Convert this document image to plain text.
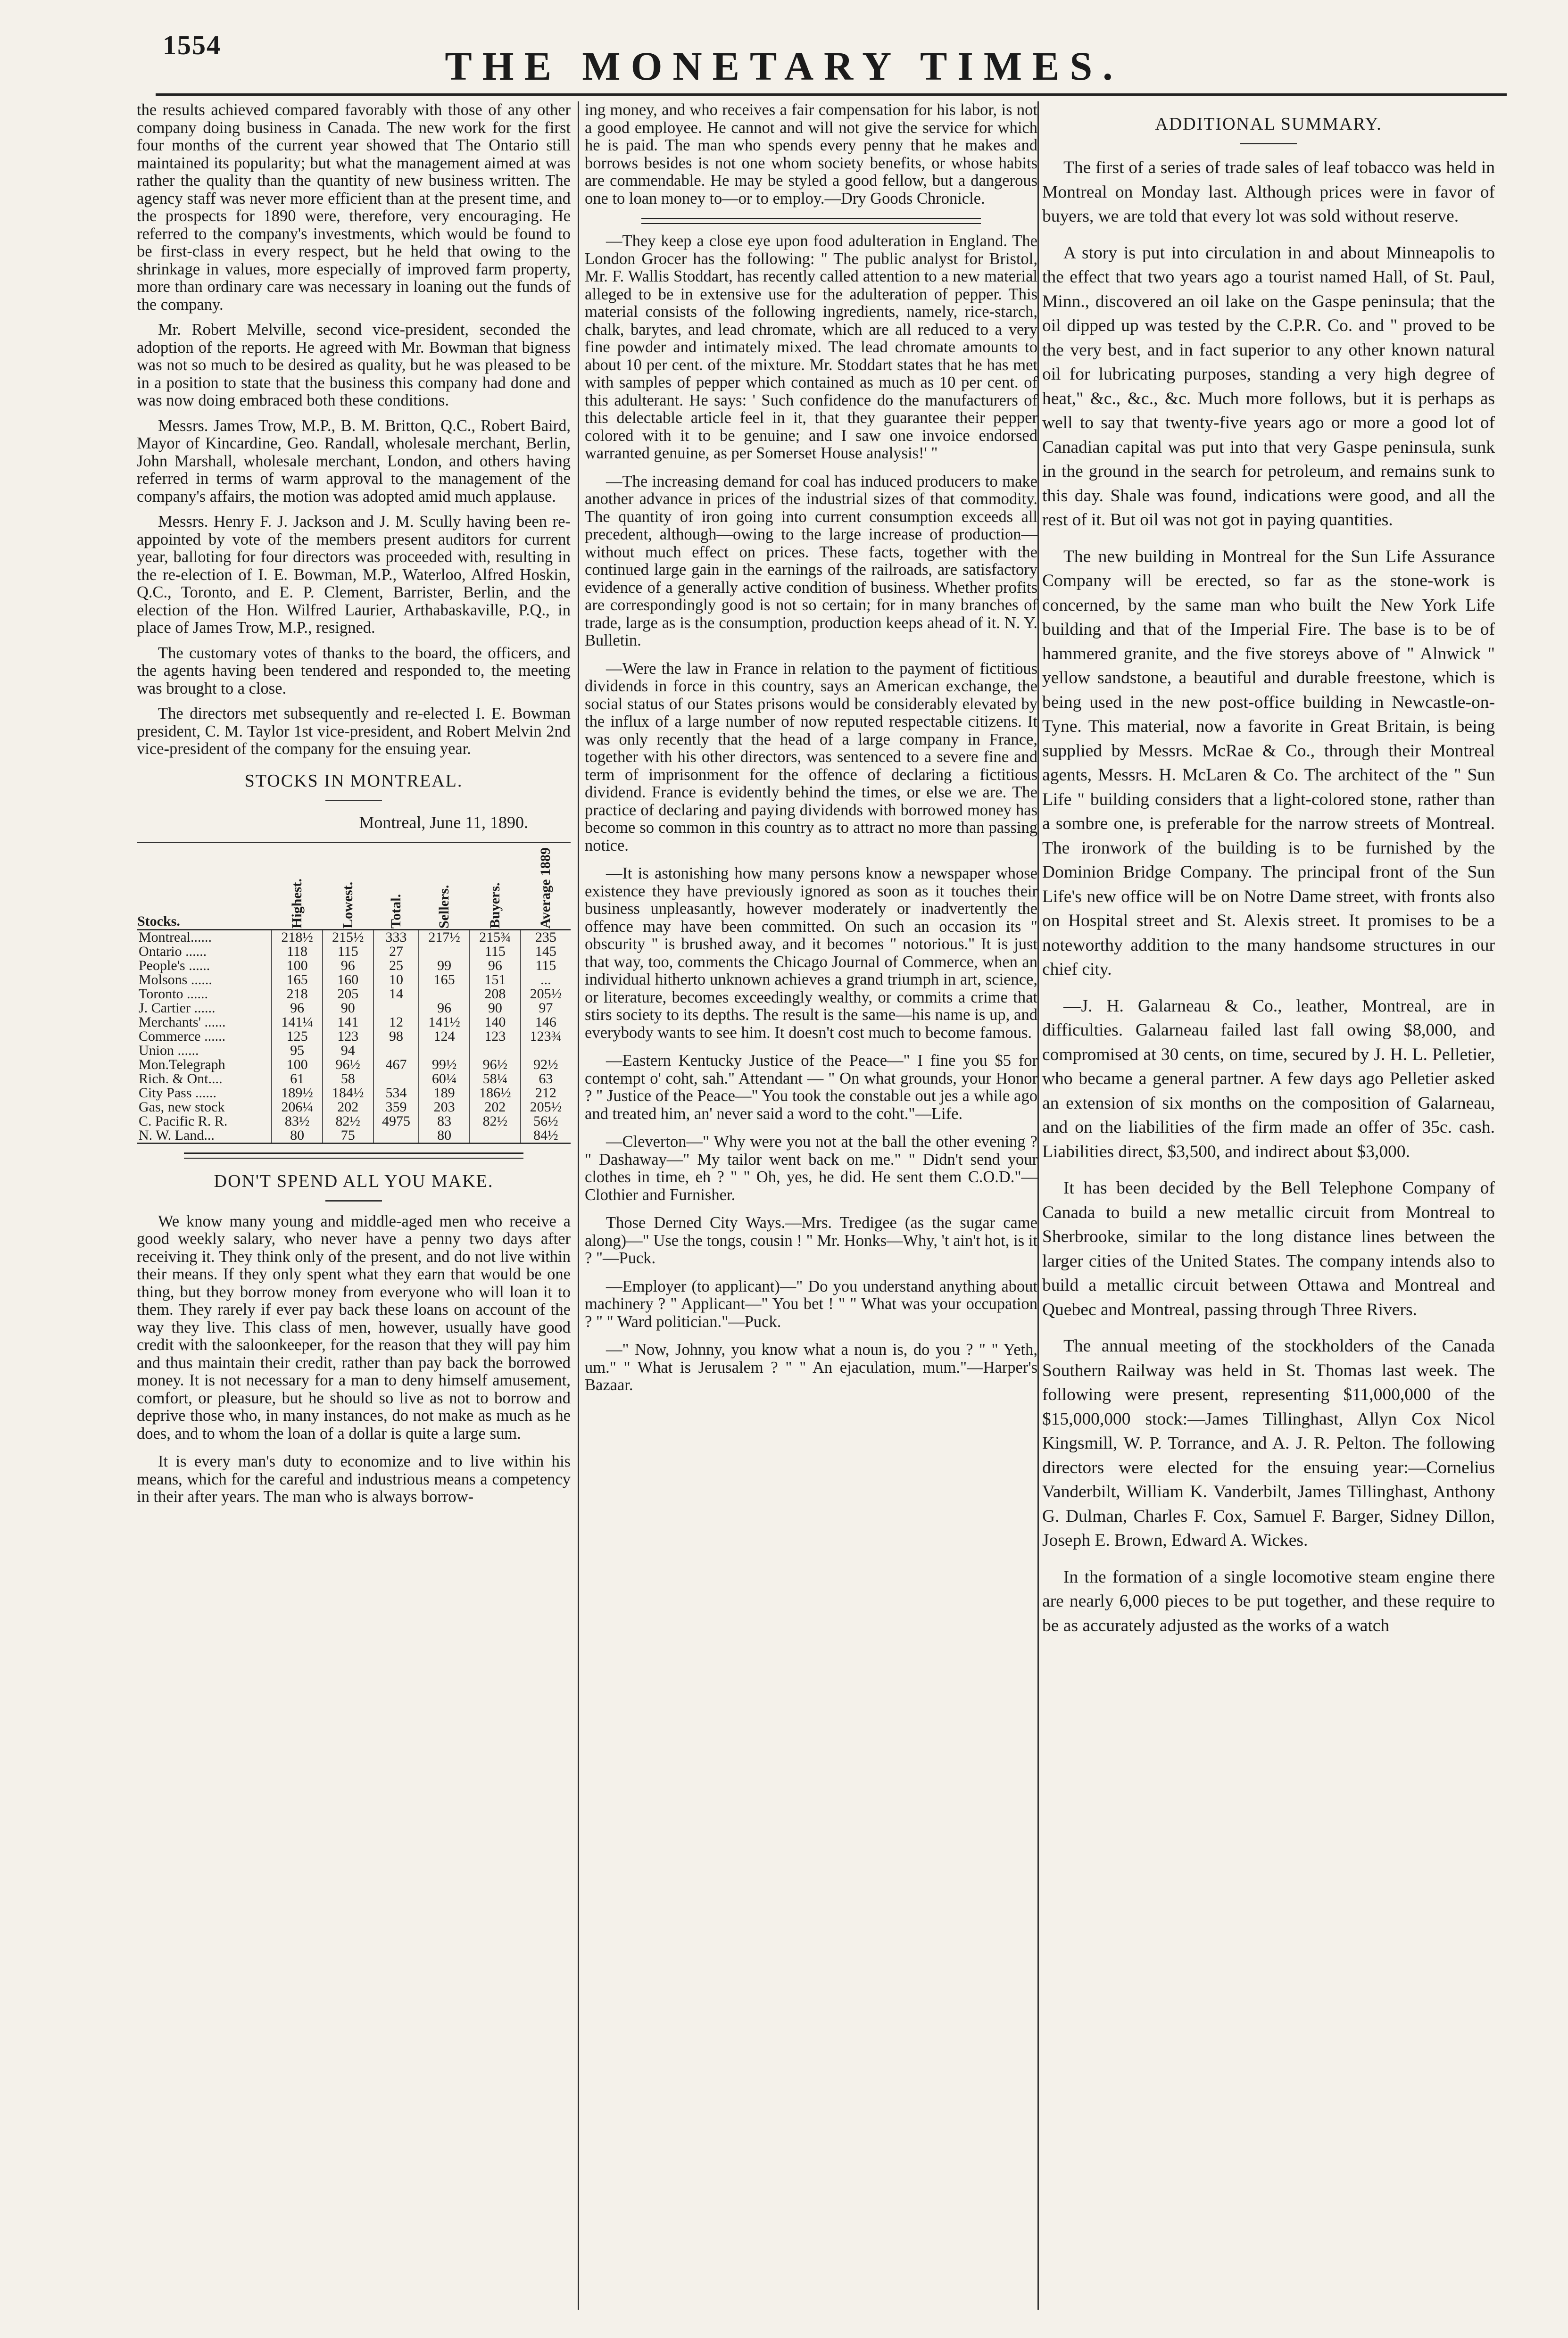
1554	THE MONETARY TIMES.

the results achieved compared favorably with those of any other company doing business in Canada. The new work for the first four months of the current year showed that The Ontario still maintained its popularity; but what the management aimed at was rather the quality than the quantity of new business written. The agency staff was never more efficient than at the present time, and the prospects for 1890 were, therefore, very encouraging. He referred to the company's investments, which would be found to be first-class in every respect, but he held that owing to the shrinkage in values, more especially of improved farm property, more than ordinary care was necessary in loaning out the funds of the company.

Mr. Robert Melville, second vice-president, seconded the adoption of the reports. He agreed with Mr. Bowman that bigness was not so much to be desired as quality, but he was pleased to be in a position to state that the business this company had done and was now doing embraced both these conditions.

Messrs. James Trow, M.P., B. M. Britton, Q.C., Robert Baird, Mayor of Kincardine, Geo. Randall, wholesale merchant, Berlin, John Marshall, wholesale merchant, London, and others having referred in terms of warm approval to the management of the company's affairs, the motion was adopted amid much applause.

Messrs. Henry F. J. Jackson and J. M. Scully having been re-appointed by vote of the members present auditors for current year, balloting for four directors was proceeded with, resulting in the re-election of I. E. Bowman, M.P., Waterloo, Alfred Hoskin, Q.C., Toronto, and E. P. Clement, Barrister, Berlin, and the election of the Hon. Wilfred Laurier, Arthabaskaville, P.Q., in place of James Trow, M.P., resigned.

The customary votes of thanks to the board, the officers, and the agents having been tendered and responded to, the meeting was brought to a close.

The directors met subsequently and re-elected I. E. Bowman president, C. M. Taylor 1st vice-president, and Robert Melvin 2nd vice-president of the company for the ensuing year.

STOCKS IN MONTREAL.
Montreal, June 11, 1890.
Stocks.	Highest.	Lowest.	Total.	Sellers.	Buyers.	Average 1889

Montreal......	218½	215½	333	217½	215¾	235
Ontario ......	118	115	27		115	145
People's ......	100	96	25	99	96	115
Molsons ......	165	160	10	165	151	...
Toronto ......	218	205	14		208	205½
J. Cartier ......	96	90		96	90	97
Merchants' ......	141¼	141	12	141½	140	146
Commerce ......	125	123	98	124	123	123¾
Union ......	95	94				
Mon.Telegraph	100	96½	467	99½	96½	92½
Rich. & Ont....	61	58		60¼	58¼	63
City Pass ......	189½	184½	534	189	186½	212
Gas, new stock	206¼	202	359	203	202	205½
C. Pacific R. R.	83½	82½	4975	83	82½	56½
N. W. Land...	80	75		80		84½
DON'T SPEND ALL YOU MAKE.

We know many young and middle-aged men who receive a good weekly salary, who never have a penny two days after receiving it. They think only of the present, and do not live within their means. If they only spent what they earn that would be one thing, but they borrow money from everyone who will loan it to them. They rarely if ever pay back these loans on account of the way they live. This class of men, however, usually have good credit with the saloonkeeper, for the reason that they will pay him and thus maintain their credit, rather than pay back the borrowed money. It is not necessary for a man to deny himself amusement, comfort, or pleasure, but he should so live as not to borrow and deprive those who, in many instances, do not make as much as he does, and to whom the loan of a dollar is quite a large sum.

It is every man's duty to economize and to live within his means, which for the careful and industrious means a competency in their after years. The man who is always borrow-

ing money, and who receives a fair compensation for his labor, is not a good employee. He cannot and will not give the service for which he is paid. The man who spends every penny that he makes and borrows besides is not one whom society benefits, or whose habits are commendable. He may be styled a good fellow, but a dangerous one to loan money to—or to employ.—Dry Goods Chronicle.

—They keep a close eye upon food adulteration in England. The London Grocer has the following: " The public analyst for Bristol, Mr. F. Wallis Stoddart, has recently called attention to a new material alleged to be in extensive use for the adulteration of pepper. This material consists of the following ingredients, namely, rice-starch, chalk, barytes, and lead chromate, which are all reduced to a very fine powder and intimately mixed. The lead chromate amounts to about 10 per cent. of the mixture. Mr. Stoddart states that he has met with samples of pepper which contained as much as 10 per cent. of this adulterant. He says: ' Such confidence do the manufacturers of this delectable article feel in it, that they guarantee their pepper colored with it to be genuine; and I saw one invoice endorsed warranted genuine, as per Somerset House analysis!' "

—The increasing demand for coal has induced producers to make another advance in prices of the industrial sizes of that commodity. The quantity of iron going into current consumption exceeds all precedent, although—owing to the large increase of production—without much effect on prices. These facts, together with the continued large gain in the earnings of the railroads, are satisfactory evidence of a generally active condition of business. Whether profits are correspondingly good is not so certain; for in many branches of trade, large as is the consumption, production keeps ahead of it. N. Y. Bulletin.

—Were the law in France in relation to the payment of fictitious dividends in force in this country, says an American exchange, the social status of our States prisons would be considerably elevated by the influx of a large number of now reputed respectable citizens. It was only recently that the head of a large company in France, together with his other directors, was sentenced to a severe fine and term of imprisonment for the offence of declaring a fictitious dividend. France is evidently behind the times, or else we are. The practice of declaring and paying dividends with borrowed money has become so common in this country as to attract no more than passing notice.

—It is astonishing how many persons know a newspaper whose existence they have previously ignored as soon as it touches their business unpleasantly, however moderately or inadvertently the offence may have been committed. On such an occasion its " obscurity " is brushed away, and it becomes " notorious." It is just that way, too, comments the Chicago Journal of Commerce, when an individual hitherto unknown achieves a grand triumph in art, science, or literature, becomes exceedingly wealthy, or commits a crime that stirs society to its depths. The result is the same—his name is up, and everybody wants to see him. It doesn't cost much to become famous.

—Eastern Kentucky Justice of the Peace—" I fine you $5 for contempt o' coht, sah." Attendant — " On what grounds, your Honor ? " Justice of the Peace—" You took the constable out jes a while ago and treated him, an' never said a word to the coht."—Life.

—Cleverton—" Why were you not at the ball the other evening ? " Dashaway—" My tailor went back on me." " Didn't send your clothes in time, eh ? " " Oh, yes, he did. He sent them C.O.D."—Clothier and Furnisher.

Those Derned City Ways.—Mrs. Tredigee (as the sugar came along)—" Use the tongs, cousin ! " Mr. Honks—Why, 't ain't hot, is it ? "—Puck.

—Employer (to applicant)—" Do you understand anything about machinery ? " Applicant—" You bet ! " " What was your occupation ? " " Ward politician."—Puck.

—" Now, Johnny, you know what a noun is, do you ? " " Yeth, um." " What is Jerusalem ? " " An ejaculation, mum."—Harper's Bazaar.

ADDITIONAL SUMMARY.

The first of a series of trade sales of leaf tobacco was held in Montreal on Monday last. Although prices were in favor of buyers, we are told that every lot was sold without reserve.

A story is put into circulation in and about Minneapolis to the effect that two years ago a tourist named Hall, of St. Paul, Minn., discovered an oil lake on the Gaspe peninsula; that the oil dipped up was tested by the C.P.R. Co. and " proved to be the very best, and in fact superior to any other known natural oil for lubricating purposes, standing a very high degree of heat," &c., &c., &c. Much more follows, but it is perhaps as well to say that twenty-five years ago or more a good lot of Canadian capital was put into that very Gaspe peninsula, sunk in the ground in the search for petroleum, and remains sunk to this day. Shale was found, indications were good, and all the rest of it. But oil was not got in paying quantities.

The new building in Montreal for the Sun Life Assurance Company will be erected, so far as the stone-work is concerned, by the same man who built the New York Life building and that of the Imperial Fire. The base is to be of hammered granite, and the five storeys above of " Alnwick " yellow sandstone, a beautiful and durable freestone, which is being used in the new post-office building in Newcastle-on-Tyne. This material, now a favorite in Great Britain, is being supplied by Messrs. McRae & Co., through their Montreal agents, Messrs. H. McLaren & Co. The architect of the " Sun Life " building considers that a light-colored stone, rather than a sombre one, is preferable for the narrow streets of Montreal. The ironwork of the building is to be furnished by the Dominion Bridge Company. The principal front of the Sun Life's new office will be on Notre Dame street, with fronts also on Hospital street and St. Alexis street. It promises to be a noteworthy addition to the many handsome structures in our chief city.

—J. H. Galarneau & Co., leather, Montreal, are in difficulties. Galarneau failed last fall owing $8,000, and compromised at 30 cents, on time, secured by J. H. L. Pelletier, who became a general partner. A few days ago Pelletier asked an extension of six months on the composition of Galarneau, and on the liabilities of the firm made an offer of 35c. cash. Liabilities direct, $3,500, and indirect about $3,000.

It has been decided by the Bell Telephone Company of Canada to build a new metallic circuit from Montreal to Sherbrooke, similar to the long distance lines between the larger cities of the United States. The company intends also to build a metallic circuit between Ottawa and Montreal and Quebec and Montreal, passing through Three Rivers.

The annual meeting of the stockholders of the Canada Southern Railway was held in St. Thomas last week. The following were present, representing $11,000,000 of the $15,000,000 stock:—James Tillinghast, Allyn Cox Nicol Kingsmill, W. P. Torrance, and A. J. R. Pelton. The following directors were elected for the ensuing year:—Cornelius Vanderbilt, William K. Vanderbilt, James Tillinghast, Anthony G. Dulman, Charles F. Cox, Samuel F. Barger, Sidney Dillon, Joseph E. Brown, Edward A. Wickes.

In the formation of a single locomotive steam engine there are nearly 6,000 pieces to be put together, and these require to be as accurately adjusted as the works of a watch
